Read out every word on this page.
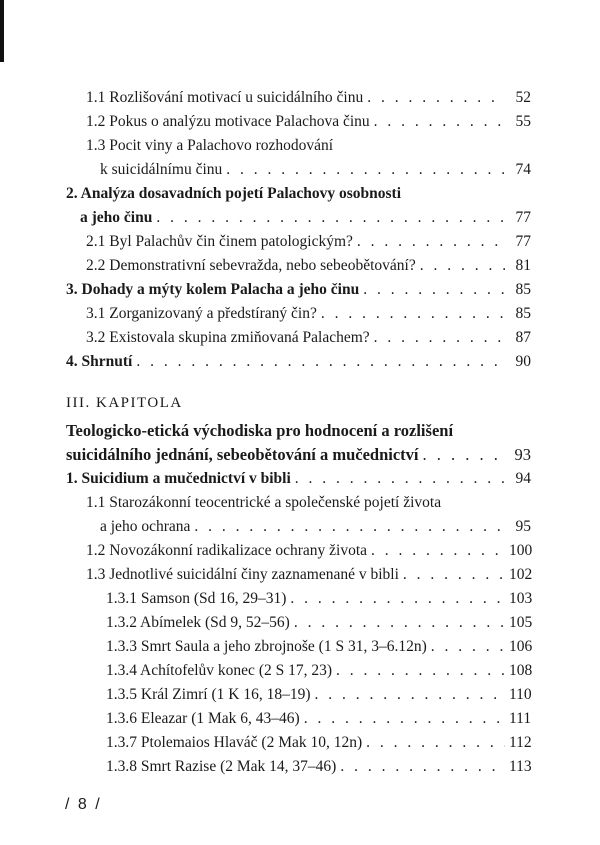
1.1 Rozlišování motivací u suicidálního činu . . .	52
1.2 Pokus o analýzu motivace Palachova činu . . .	55
1.3 Pocit viny a Palachovo rozhodování
k suicidálnímu činu . . .	74
2. Analýza dosavadních pojetí Palachovy osobnosti
a jeho činu . . .	77
2.1 Byl Palachův čin činem patologickým? . . .	77
2.2 Demonstrativní sebevražda, nebo sebeobětování? . . .	81
3. Dohady a mýty kolem Palacha a jeho činu . . .	85
3.1 Zorganizovaný a předstíraný čin? . . .	85
3.2 Existovala skupina zmiňovaná Palachem? . . .	87
4. Shrnutí . . .	90
III. KAPITOLA
Teologicko-etická východiska pro hodnocení a rozlišení
suicidálního jednání, sebeobětování a mučednictví . . .	93
1. Suicidium a mučednictví v bibli . . .	94
1.1 Starozákonní teocentrické a společenské pojetí života
a jeho ochrana . . .	95
1.2 Novozákonní radikalizace ochrany života . . .	100
1.3 Jednotlivé suicidální činy zaznamenané v bibli . . .	102
1.3.1 Samson (Sd 16, 29–31) . . .	103
1.3.2 Abímelek (Sd 9, 52–56) . . .	105
1.3.3 Smrt Saula a jeho zbrojnoše (1 S 31, 3–6.12n) . . .	106
1.3.4 Achítofelův konec (2 S 17, 23) . . .	108
1.3.5 Král Zimrí (1 K 16, 18–19) . . .	110
1.3.6 Eleazar (1 Mak 6, 43–46) . . .	111
1.3.7 Ptolemaios Hlaváč (2 Mak 10, 12n) . . .	112
1.3.8 Smrt Razise (2 Mak 14, 37–46) . . .	113
/ 8 /
